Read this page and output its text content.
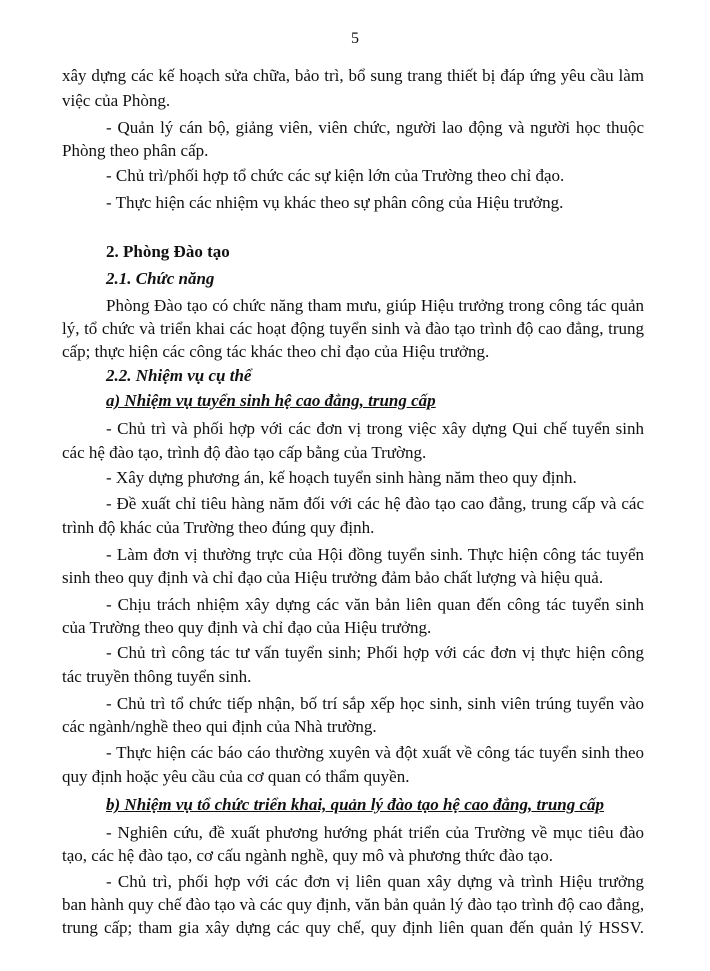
5
xây dựng các kế hoạch sửa chữa, bảo trì, bổ sung trang thiết bị đáp ứng yêu cầu làm
việc của Phòng.
- Quản lý cán bộ, giảng viên, viên chức, người lao động và người học thuộc
Phòng theo phân cấp.
- Chủ trì/phối hợp tổ chức các sự kiện lớn của Trường theo chỉ đạo.
- Thực hiện các nhiệm vụ khác theo sự phân công của Hiệu trưởng.
2. Phòng Đào tạo
2.1. Chức năng
Phòng Đào tạo có chức năng tham mưu, giúp Hiệu trưởng trong công tác quản
lý, tổ chức và triển khai các hoạt động tuyển sinh và đào tạo trình độ cao đẳng, trung
cấp; thực hiện các công tác khác theo chỉ đạo của Hiệu trưởng.
2.2. Nhiệm vụ cụ thể
a) Nhiệm vụ tuyển sinh hệ cao đẳng, trung cấp
- Chủ trì và phối hợp với các đơn vị trong việc xây dựng Qui chế tuyển sinh
các hệ đào tạo, trình độ đào tạo cấp bằng của Trường.
- Xây dựng phương án, kế hoạch tuyển sinh hàng năm theo quy định.
- Đề xuất chỉ tiêu hàng năm đối với các hệ đào tạo cao đẳng, trung cấp và các
trình độ khác của Trường theo đúng quy định.
- Làm đơn vị thường trực của Hội đồng tuyển sinh. Thực hiện công tác tuyển
sinh theo quy định và chỉ đạo của Hiệu trưởng đảm bảo chất lượng và hiệu quả.
- Chịu trách nhiệm xây dựng các văn bản liên quan đến công tác tuyển sinh
của Trường theo quy định và chỉ đạo của Hiệu trưởng.
- Chủ trì công tác tư vấn tuyển sinh; Phối hợp với các đơn vị thực hiện công
tác truyền thông tuyển sinh.
- Chủ trì tổ chức tiếp nhận, bố trí sắp xếp học sinh, sinh viên trúng tuyển vào
các ngành/nghề theo qui định của Nhà trường.
- Thực hiện các báo cáo thường xuyên và đột xuất về công tác tuyển sinh theo
quy định hoặc yêu cầu của cơ quan có thẩm quyền.
b) Nhiệm vụ tổ chức triển khai, quản lý đào tạo hệ cao đẳng, trung cấp
- Nghiên cứu, đề xuất phương hướng phát triển của Trường về mục tiêu đào
tạo, các hệ đào tạo, cơ cấu ngành nghề, quy mô và phương thức đào tạo.
- Chủ trì, phối hợp với các đơn vị liên quan xây dựng và trình Hiệu trưởng
ban hành quy chế đào tạo và các quy định, văn bản quản lý đào tạo trình độ cao đẳng,
trung cấp; tham gia xây dựng các quy chế, quy định liên quan đến quản lý HSSV.
